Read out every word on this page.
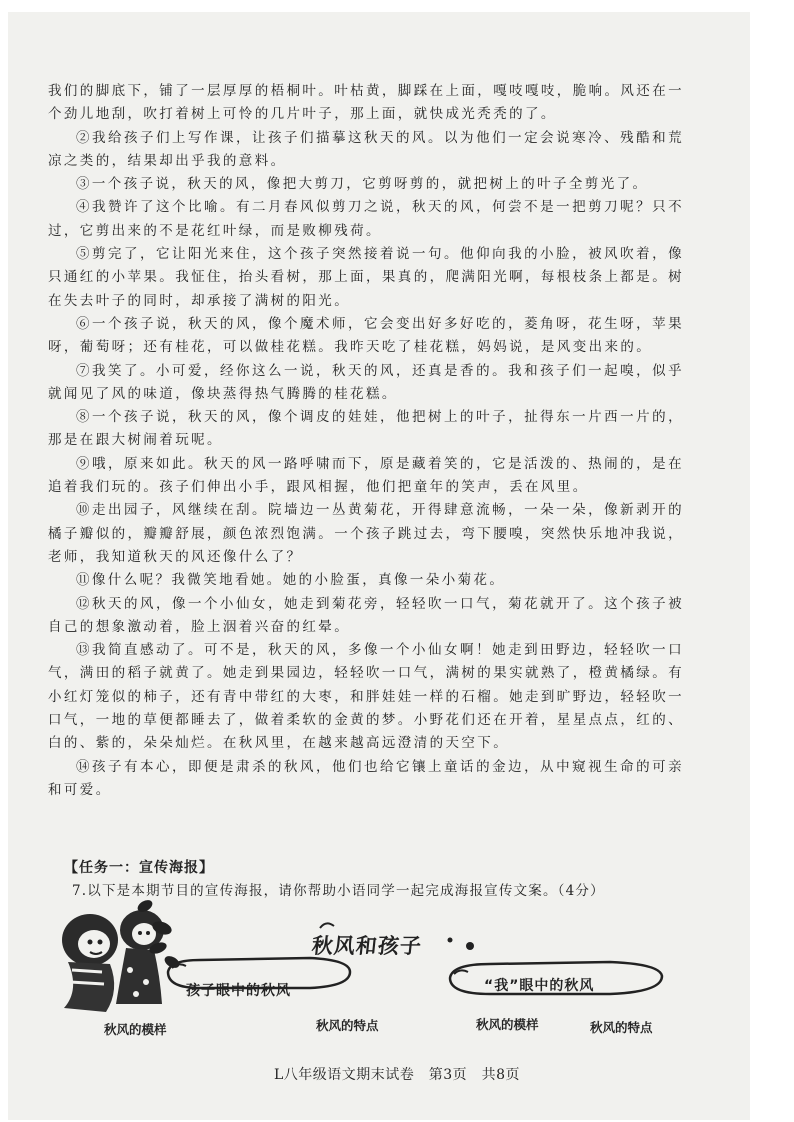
我们的脚底下，铺了一层厚厚的梧桐叶。叶枯黄，脚踩在上面，嘎吱嘎吱，脆响。风还在一个劲儿地刮，吹打着树上可怜的几片叶子，那上面，就快成光秃秃的了。

②我给孩子们上写作课，让孩子们描摹这秋天的风。以为他们一定会说寒冷、残酷和荒凉之类的，结果却出乎我的意料。

③一个孩子说，秋天的风，像把大剪刀，它剪呀剪的，就把树上的叶子全剪光了。

④我赞许了这个比喻。有二月春风似剪刀之说，秋天的风，何尝不是一把剪刀呢？只不过，它剪出来的不是花红叶绿，而是败柳残荷。

⑤剪完了，它让阳光来住，这个孩子突然接着说一句。他仰向我的小脸，被风吹着，像只通红的小苹果。我怔住，抬头看树，那上面，果真的，爬满阳光啊，每根枝条上都是。树在失去叶子的同时，却承接了满树的阳光。

⑥一个孩子说，秋天的风，像个魔术师，它会变出好多好吃的，菱角呀，花生呀，苹果呀，葡萄呀；还有桂花，可以做桂花糕。我昨天吃了桂花糕，妈妈说，是风变出来的。

⑦我笑了。小可爱，经你这么一说，秋天的风，还真是香的。我和孩子们一起嗅，似乎就闻见了风的味道，像块蒸得热气腾腾的桂花糕。

⑧一个孩子说，秋天的风，像个调皮的娃娃，他把树上的叶子，扯得东一片西一片的，那是在跟大树闹着玩呢。

⑨哦，原来如此。秋天的风一路呼啸而下，原是藏着笑的，它是活泼的、热闹的，是在追着我们玩的。孩子们伸出小手，跟风相握，他们把童年的笑声，丢在风里。

⑩走出园子，风继续在刮。院墙边一丛黄菊花，开得肆意流畅，一朵一朵，像新剥开的橘子瓣似的，瓣瓣舒展，颜色浓烈饱满。一个孩子跳过去，弯下腰嗅，突然快乐地冲我说，老师，我知道秋天的风还像什么了？

⑪像什么呢？我微笑地看她。她的小脸蛋，真像一朵小菊花。

⑫秋天的风，像一个小仙女，她走到菊花旁，轻轻吹一口气，菊花就开了。这个孩子被自己的想象激动着，脸上洇着兴奋的红晕。

⑬我简直感动了。可不是，秋天的风，多像一个小仙女啊！她走到田野边，轻轻吹一口气，满田的稻子就黄了。她走到果园边，轻轻吹一口气，满树的果实就熟了，橙黄橘绿。有小红灯笼似的柿子，还有青中带红的大枣，和胖娃娃一样的石榴。她走到旷野边，轻轻吹一口气，一地的草便都睡去了，做着柔软的金黄的梦。小野花们还在开着，星星点点，红的、白的、紫的，朵朵灿烂。在秋风里，在越来越高远澄清的天空下。

⑭孩子有本心，即便是肃杀的秋风，他们也给它镶上童话的金边，从中窥视生命的可亲和可爱。

【任务一：宣传海报】

7.以下是本期节目的宣传海报，请你帮助小语同学一起完成海报宣传文案。（4分）

秋风和孩子
孩子眼中的秋风	“我”眼中的秋风
秋风的模样	秋风的特点	秋风的模样	秋风的特点
L八年级语文期末试卷　第3页　共8页
